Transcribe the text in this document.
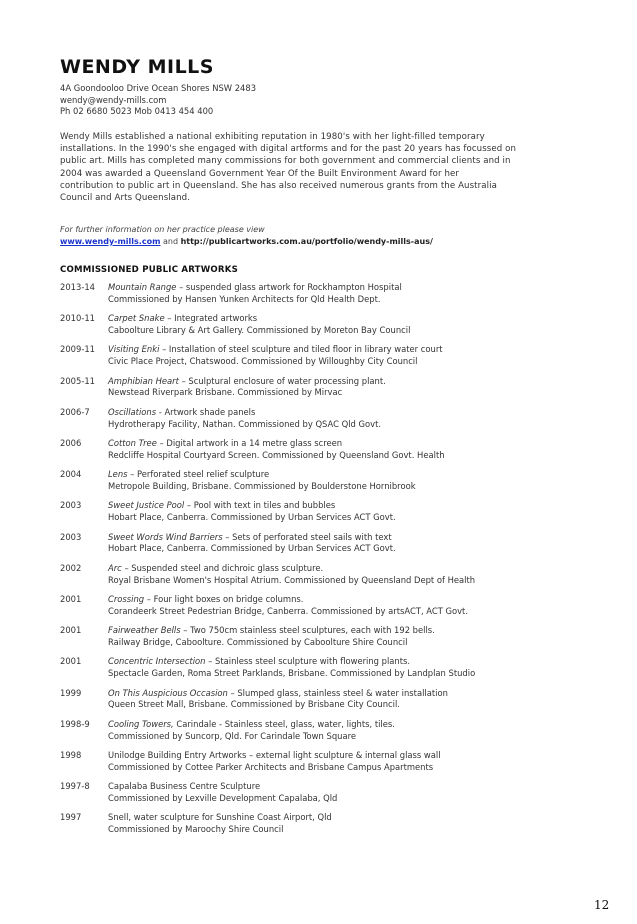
WENDY MILLS
4A Goondooloo Drive Ocean Shores NSW 2483
wendy@wendy-mills.com
Ph 02 6680 5023 Mob 0413 454 400
Wendy Mills established a national exhibiting reputation in 1980's with her light-filled temporary
installations. In the 1990's she engaged with digital artforms and for the past 20 years has focussed on
public art. Mills has completed many commissions for both government and commercial clients and in
2004 was awarded a Queensland Government Year Of the Built Environment Award for her
contribution to public art in Queensland. She has also received numerous grants from the Australia
Council and Arts Queensland.
For further information on her practice please view
www.wendy-mills.com and http://publicartworks.com.au/portfolio/wendy-mills-aus/
COMMISSIONED PUBLIC ARTWORKS
2013-14	Mountain Range – suspended glass artwork for Rockhampton Hospital
Commissioned by Hansen Yunken Architects for Qld Health Dept.
2010-11	Carpet Snake – Integrated artworks
Caboolture Library & Art Gallery. Commissioned by Moreton Bay Council
2009-11	Visiting Enki – Installation of steel sculpture and tiled floor in library water court
Civic Place Project, Chatswood. Commissioned by Willoughby City Council
2005-11	Amphibian Heart – Sculptural enclosure of water processing plant.
Newstead Riverpark Brisbane. Commissioned by Mirvac
2006-7	Oscillations - Artwork shade panels
Hydrotherapy Facility, Nathan. Commissioned by QSAC Qld Govt.
2006	Cotton Tree – Digital artwork in a 14 metre glass screen
Redcliffe Hospital Courtyard Screen. Commissioned by Queensland Govt. Health
2004	Lens – Perforated steel relief sculpture
Metropole Building, Brisbane. Commissioned by Boulderstone Hornibrook
2003	Sweet Justice Pool – Pool with text in tiles and bubbles
Hobart Place, Canberra. Commissioned by Urban Services ACT Govt.
2003	Sweet Words Wind Barriers – Sets of perforated steel sails with text
Hobart Place, Canberra. Commissioned by Urban Services ACT Govt.
2002	Arc – Suspended steel and dichroic glass sculpture.
Royal Brisbane Women's Hospital Atrium. Commissioned by Queensland Dept of Health
2001	Crossing – Four light boxes on bridge columns.
Corandeerk Street Pedestrian Bridge, Canberra. Commissioned by artsACT, ACT Govt.
2001	Fairweather Bells – Two 750cm stainless steel sculptures, each with 192 bells.
Railway Bridge, Caboolture. Commissioned by Caboolture Shire Council
2001	Concentric Intersection – Stainless steel sculpture with flowering plants.
Spectacle Garden, Roma Street Parklands, Brisbane. Commissioned by Landplan Studio
1999	On This Auspicious Occasion – Slumped glass, stainless steel & water installation
Queen Street Mall, Brisbane. Commissioned by Brisbane City Council.
1998-9	Cooling Towers, Carindale - Stainless steel, glass, water, lights, tiles.
Commissioned by Suncorp, Qld. For Carindale Town Square
1998	Unilodge Building Entry Artworks – external light sculpture & internal glass wall
Commissioned by Cottee Parker Architects and Brisbane Campus Apartments
1997-8	Capalaba Business Centre Sculpture
Commissioned by Lexville Development Capalaba, Qld
1997	Snell, water sculpture for Sunshine Coast Airport, Qld
Commissioned by Maroochy Shire Council
12
